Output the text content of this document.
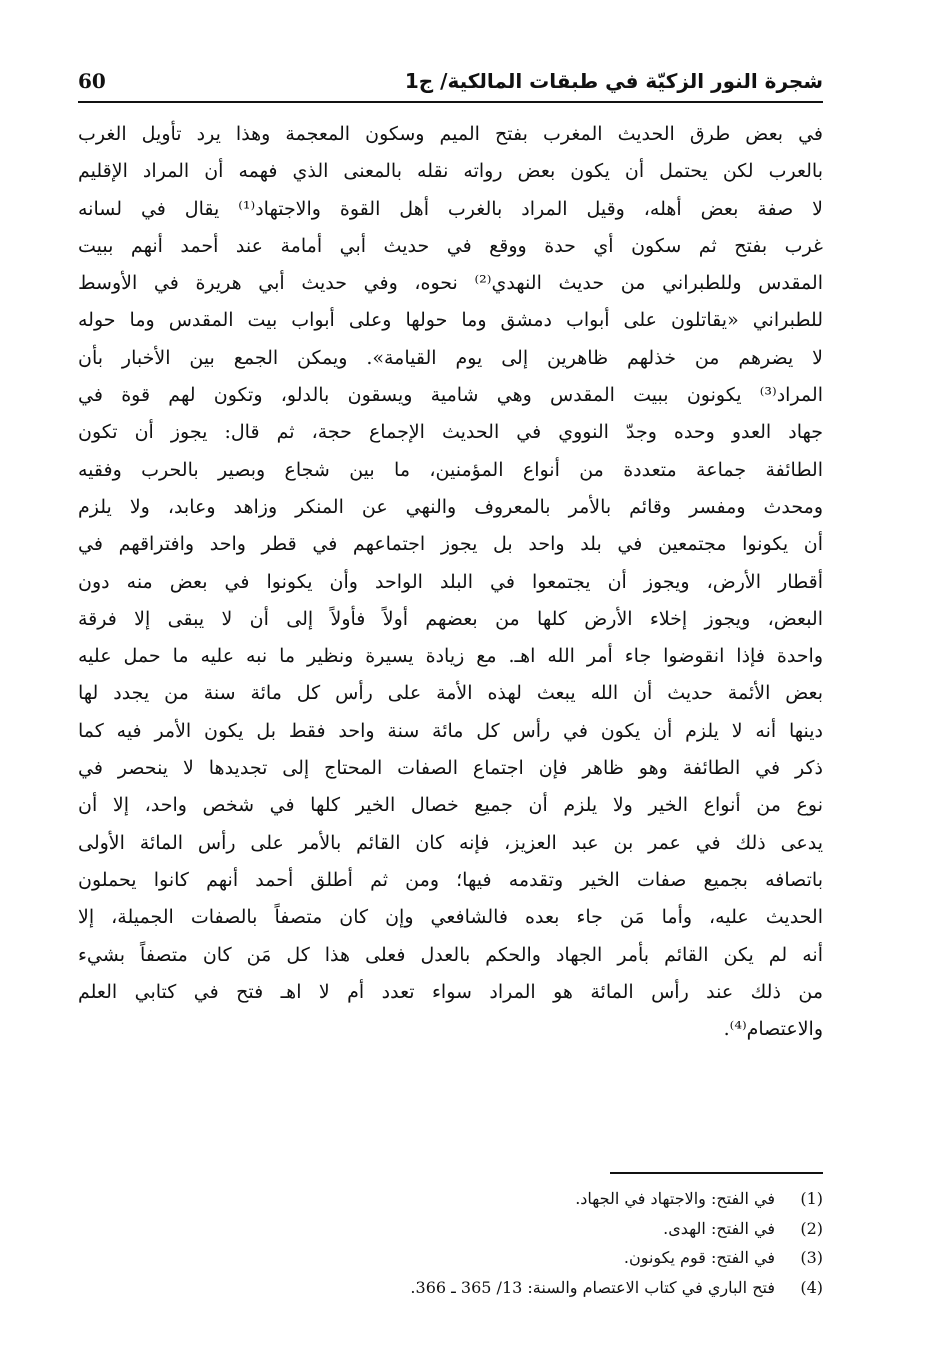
شجرة النور الزكيّة في طبقات المالكية/ ج1
60
في بعض طرق الحديث المغرب بفتح الميم وسكون المعجمة وهذا يرد تأويل الغرب
بالعرب لكن يحتمل أن يكون بعض رواته نقله بالمعنى الذي فهمه أن المراد الإقليم
لا صفة بعض أهله، وقيل المراد بالغرب أهل القوة والاجتهاد⁽¹⁾ يقال في لسانه
غرب بفتح ثم سكون أي حدة ووقع في حديث أبي أمامة عند أحمد أنهم ببيت
المقدس وللطبراني من حديث النهدي⁽²⁾ نحوه، وفي حديث أبي هريرة في الأوسط
للطبراني «يقاتلون على أبواب دمشق وما حولها وعلى أبواب بيت المقدس وما حوله
لا يضرهم من خذلهم ظاهرين إلى يوم القيامة». ويمكن الجمع بين الأخبار بأن
المراد⁽³⁾ يكونون ببيت المقدس وهي شامية ويسقون بالدلو، وتكون لهم قوة في
جهاد العدو وحده وجدّ النووي في الحديث الإجماع حجة، ثم قال: يجوز أن تكون
الطائفة جماعة متعددة من أنواع المؤمنين، ما بين شجاع وبصير بالحرب وفقيه
ومحدث ومفسر وقائم بالأمر بالمعروف والنهي عن المنكر وزاهد وعابد، ولا يلزم
أن يكونوا مجتمعين في بلد واحد بل يجوز اجتماعهم في قطر واحد وافتراقهم في
أقطار الأرض، ويجوز أن يجتمعوا في البلد الواحد وأن يكونوا في بعض منه دون
البعض، ويجوز إخلاء الأرض كلها من بعضهم أولاً فأولاً إلى أن لا يبقى إلا فرقة
واحدة فإذا انقوضوا جاء أمر الله اهـ. مع زيادة يسيرة ونظير ما نبه عليه ما حمل عليه
بعض الأئمة حديث أن الله يبعث لهذه الأمة على رأس كل مائة سنة من يجدد لها
دينها أنه لا يلزم أن يكون في رأس كل مائة سنة واحد فقط بل يكون الأمر فيه كما
ذكر في الطائفة وهو ظاهر فإن اجتماع الصفات المحتاج إلى تجديدها لا ينحصر في
نوع من أنواع الخير ولا يلزم أن جميع خصال الخير كلها في شخص واحد، إلا أن
يدعى ذلك في عمر بن عبد العزيز، فإنه كان القائم بالأمر على رأس المائة الأولى
باتصافه بجميع صفات الخير وتقدمه فيها؛ ومن ثم أطلق أحمد أنهم كانوا يحملون
الحديث عليه، وأما مَن جاء بعده فالشافعي وإن كان متصفاً بالصفات الجميلة، إلا
أنه لم يكن القائم بأمر الجهاد والحكم بالعدل فعلى هذا كل مَن كان متصفاً بشيء
من ذلك عند رأس المائة هو المراد سواء تعدد أم لا اهـ فتح في كتابي العلم
والاعتصام⁽⁴⁾.
(1)في الفتح: والاجتهاد في الجهاد.
(2)في الفتح: الهدى.
(3)في الفتح: قوم يكونون.
(4)فتح الباري في كتاب الاعتصام والسنة: 13/ 365 ـ 366.
